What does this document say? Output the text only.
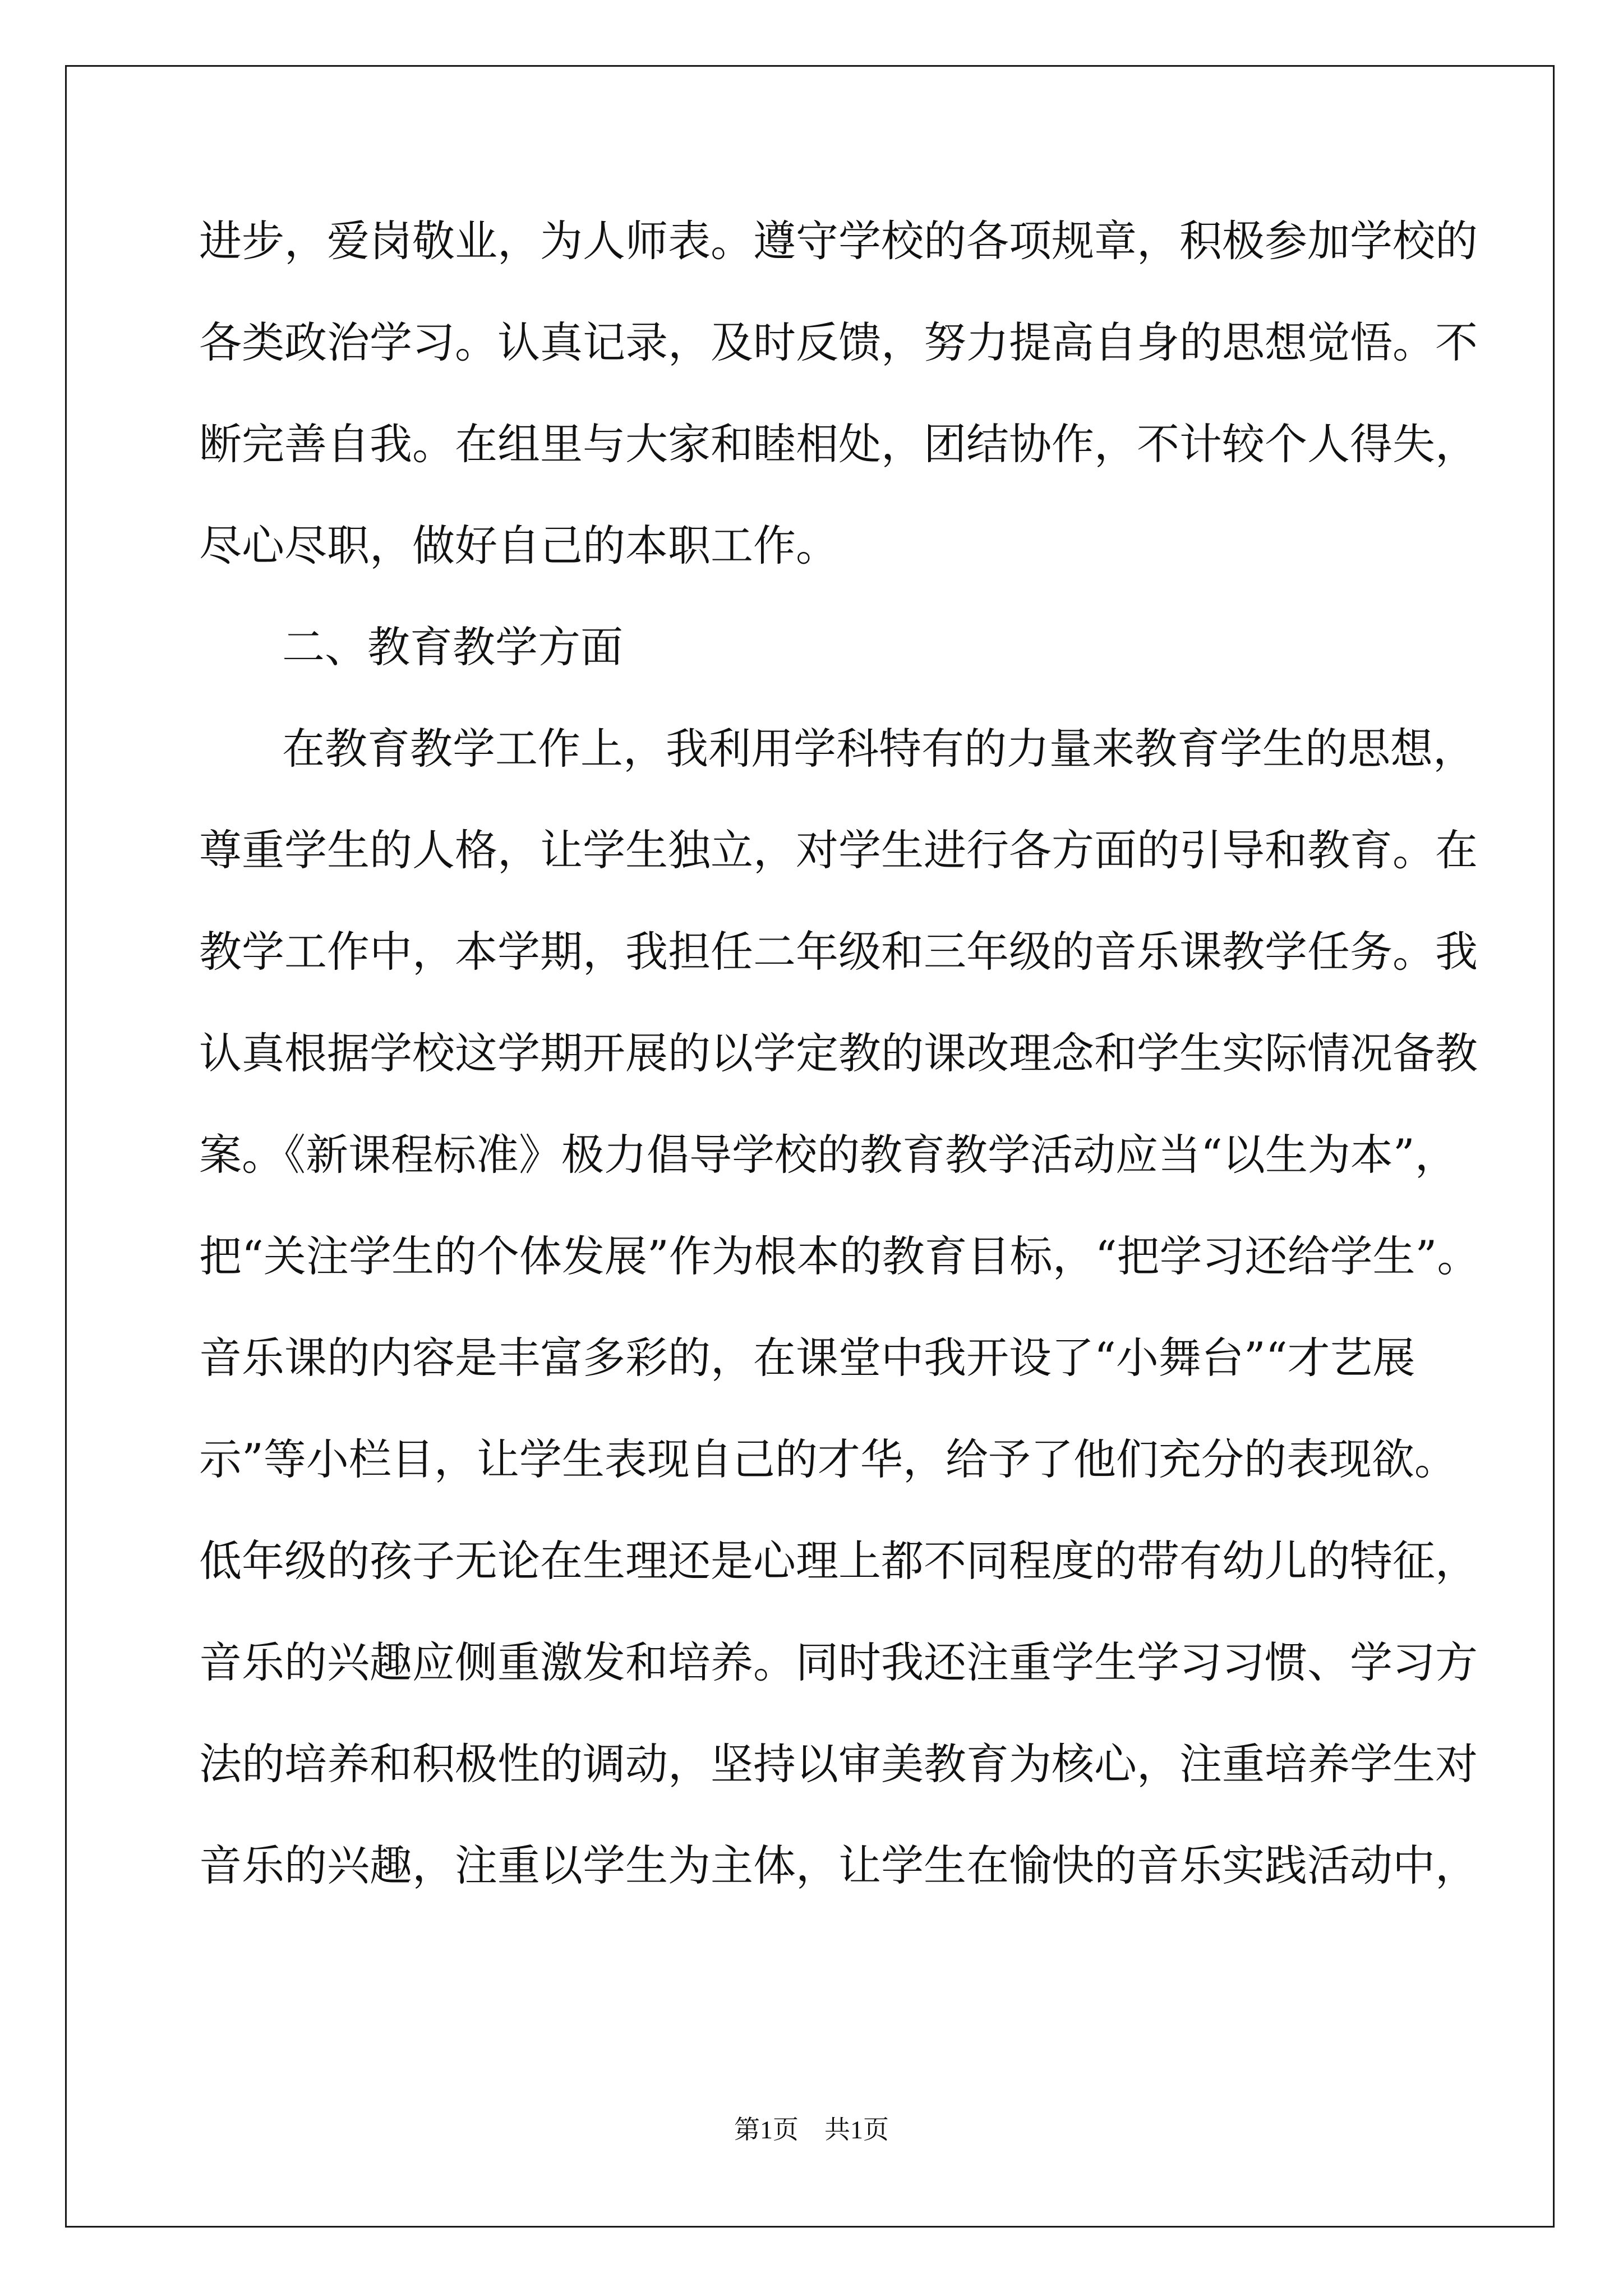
进步，爱岗敬业，为人师表。遵守学校的各项规章，积极参加学校的
各类政治学习。认真记录，及时反馈，努力提高自身的思想觉悟。不
断完善自我。在组里与大家和睦相处，团结协作，不计较个人得失，
尽心尽职，做好自己的本职工作。
二、教育教学方面
在教育教学工作上，我利用学科特有的力量来教育学生的思想，
尊重学生的人格，让学生独立，对学生进行各方面的引导和教育。在
教学工作中，本学期，我担任二年级和三年级的音乐课教学任务。我
认真根据学校这学期开展的以学定教的课改理念和学生实际情况备教
案。《新课程标准》极力倡导学校的教育教学活动应当“以生为本”，
把“关注学生的个体发展”作为根本的教育目标，“把学习还给学生”。
音乐课的内容是丰富多彩的，在课堂中我开设了“小舞台”“才艺展
示”等小栏目，让学生表现自己的才华，给予了他们充分的表现欲。
低年级的孩子无论在生理还是心理上都不同程度的带有幼儿的特征，
音乐的兴趣应侧重激发和培养。同时我还注重学生学习习惯、学习方
法的培养和积极性的调动，坚持以审美教育为核心，注重培养学生对
音乐的兴趣，注重以学生为主体，让学生在愉快的音乐实践活动中，
第1页　共1页
